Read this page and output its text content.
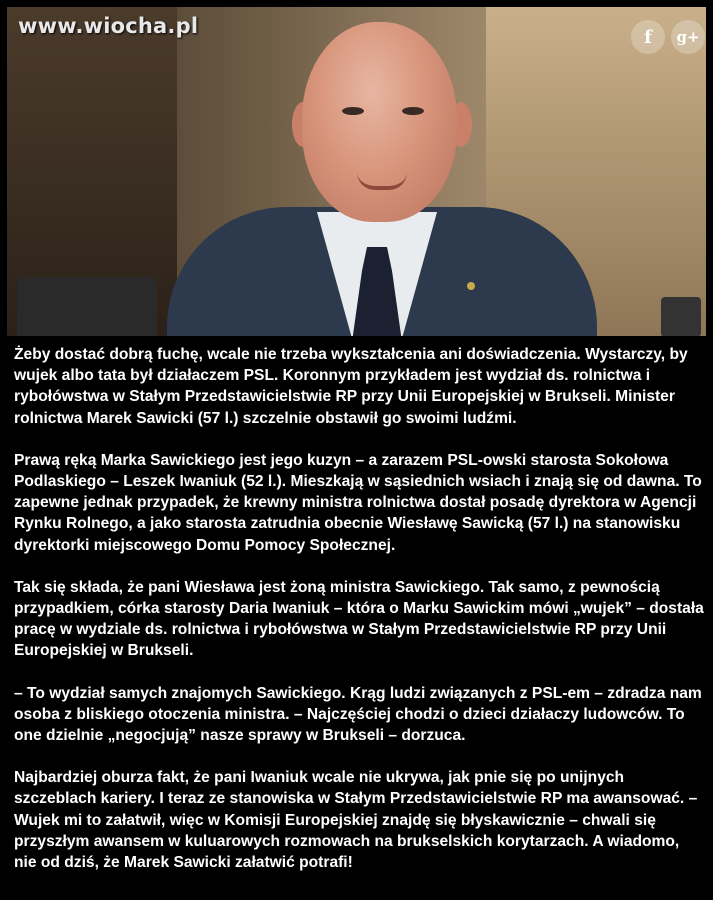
www.wiocha.pl	f	g+

Żeby dostać dobrą fuchę, wcale nie trzeba wykształcenia ani doświadczenia. Wystarczy, by wujek albo tata był działaczem PSL. Koronnym przykładem jest wydział ds. rolnictwa i rybołówstwa w Stałym Przedstawicielstwie RP przy Unii Europejskiej w Brukseli. Minister rolnictwa Marek Sawicki (57 l.) szczelnie obstawił go swoimi ludźmi.

Prawą ręką Marka Sawickiego jest jego kuzyn – a zarazem PSL-owski starosta Sokołowa Podlaskiego – Leszek Iwaniuk (52 l.). Mieszkają w sąsiednich wsiach i znają się od dawna. To zapewne jednak przypadek, że krewny ministra rolnictwa dostał posadę dyrektora w Agencji Rynku Rolnego, a jako starosta zatrudnia obecnie Wiesławę Sawicką (57 l.) na stanowisku dyrektorki miejscowego Domu Pomocy Społecznej.

Tak się składa, że pani Wiesława jest żoną ministra Sawickiego. Tak samo, z pewnością przypadkiem, córka starosty Daria Iwaniuk – która o Marku Sawickim mówi „wujek” – dostała pracę w wydziale ds. rolnictwa i rybołówstwa w Stałym Przedstawicielstwie RP przy Unii Europejskiej w Brukseli.

– To wydział samych znajomych Sawickiego. Krąg ludzi związanych z PSL-em – zdradza nam osoba z bliskiego otoczenia ministra. – Najczęściej chodzi o dzieci działaczy ludowców. To one dzielnie „negocjują” nasze sprawy w Brukseli – dorzuca.

Najbardziej oburza fakt, że pani Iwaniuk wcale nie ukrywa, jak pnie się po unijnych szczeblach kariery. I teraz ze stanowiska w Stałym Przedstawicielstwie RP ma awansować. – Wujek mi to załatwił, więc w Komisji Europejskiej znajdę się błyskawicznie – chwali się przyszłym awansem w kuluarowych rozmowach na brukselskich korytarzach. A wiadomo, nie od dziś, że Marek Sawicki załatwić potrafi!
